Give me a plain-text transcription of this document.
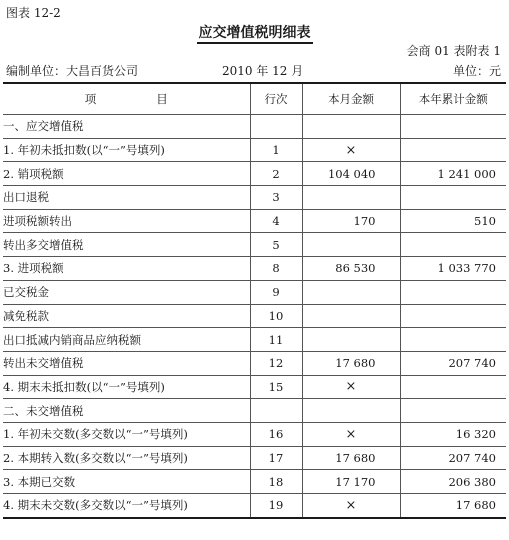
图表 12-2
应交增值税明细表
会商 01 表附表 1
编制单位：大昌百货公司	2010 年 12 月	单位：元
项 目	行次	本月金额	本年累计金额
一、应交增值税			
1. 年初未抵扣数(以“一”号填列)	1	×	
2. 销项税额	2	104 040	1 241 000
出口退税	3		
进项税额转出	4	170	510
转出多交增值税	5		
3. 进项税额	8	86 530	1 033 770
已交税金	9		
减免税款	10		
出口抵减内销商品应纳税额	11		
转出未交增值税	12	17 680	207 740
4. 期末未抵扣数(以“一”号填列)	15	×	
二、未交增值税			
1. 年初未交数(多交数以“一”号填列)	16	×	16 320
2. 本期转入数(多交数以“一”号填列)	17	17 680	207 740
3. 本期已交数	18	17 170	206 380
4. 期末未交数(多交数以“一”号填列)	19	×	17 680
